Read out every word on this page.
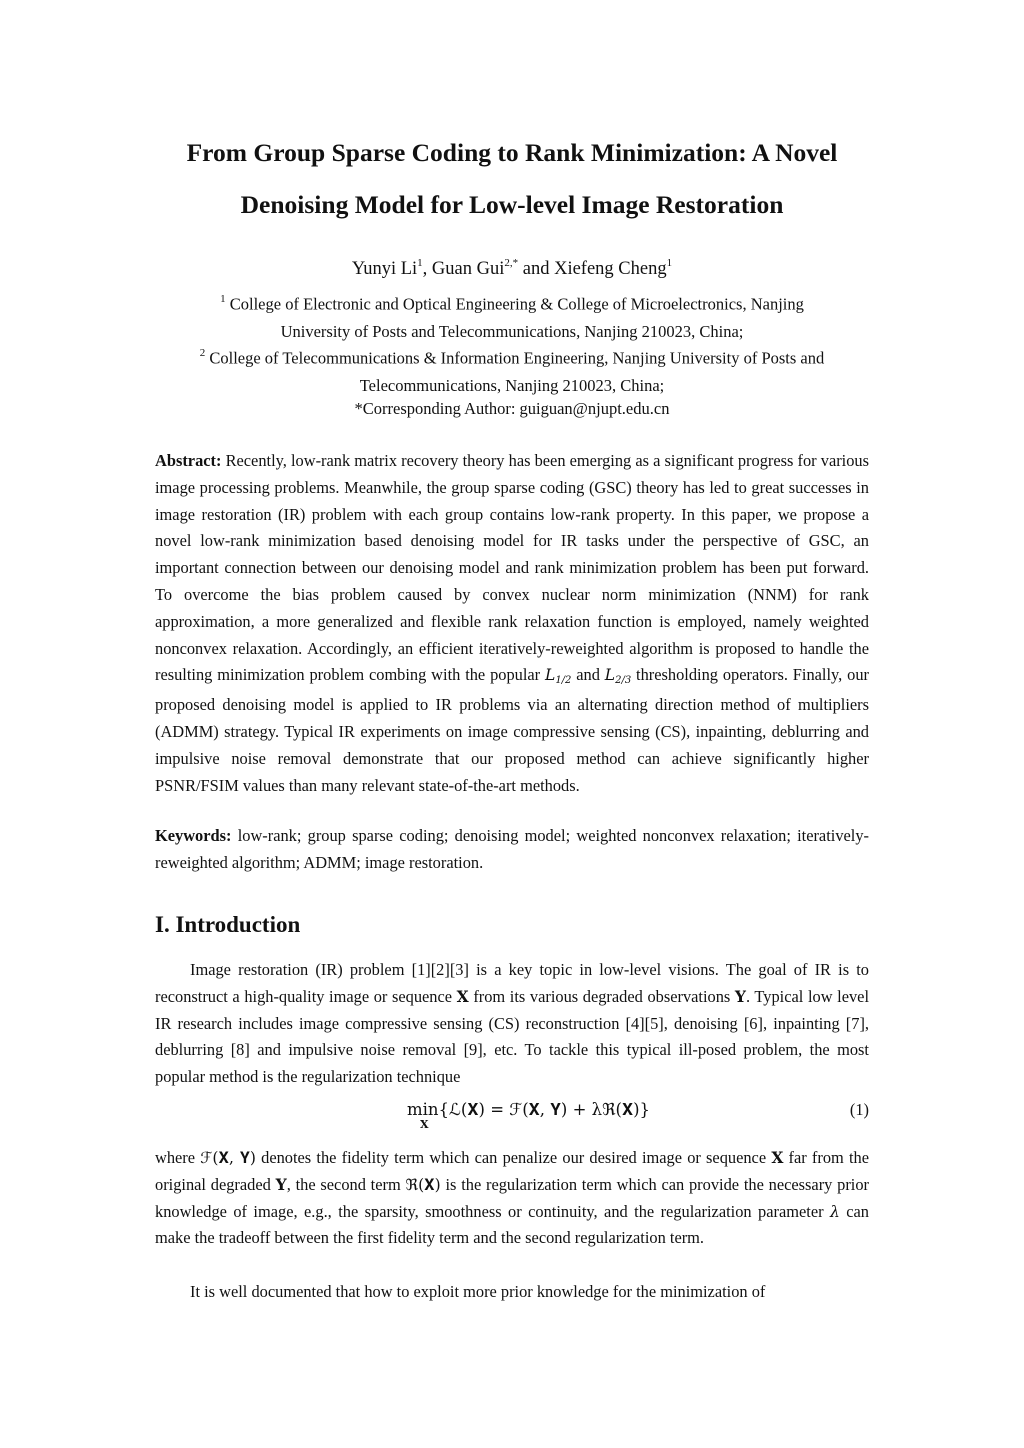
From Group Sparse Coding to Rank Minimization: A Novel
Denoising Model for Low-level Image Restoration
Yunyi Li$^1$, Guan Gui$^{2,*}$ and Xiefeng Cheng$^1$
$^1$ College of Electronic and Optical Engineering & College of Microelectronics, Nanjing
University of Posts and Telecommunications, Nanjing 210023, China;
$^2$ College of Telecommunications & Information Engineering, Nanjing University of Posts and
Telecommunications, Nanjing 210023, China;
*Corresponding Author: guiguan@njupt.edu.cn

Abstract: Recently, low-rank matrix recovery theory has been emerging as a significant progress for various image processing problems. Meanwhile, the group sparse coding (GSC) theory has led to great successes in image restoration (IR) problem with each group contains low-rank property. In this paper, we propose a novel low-rank minimization based denoising model for IR tasks under the perspective of GSC, an important connection between our denoising model and rank minimization problem has been put forward. To overcome the bias problem caused by convex nuclear norm minimization (NNM) for rank approximation, a more generalized and flexible rank relaxation function is employed, namely weighted nonconvex relaxation. Accordingly, an efficient iteratively-reweighted algorithm is proposed to handle the resulting minimization problem combing with the popular L1/2 and L2/3 thresholding operators. Finally, our proposed denoising model is applied to IR problems via an alternating direction method of multipliers (ADMM) strategy. Typical IR experiments on image compressive sensing (CS), inpainting, deblurring and impulsive noise removal demonstrate that our proposed method can achieve significantly higher PSNR/FSIM values than many relevant state-of-the-art methods.

Keywords: low-rank; group sparse coding; denoising model; weighted nonconvex relaxation; iteratively-reweighted algorithm; ADMM; image restoration.

I. Introduction

Image restoration (IR) problem [1][2][3] is a key topic in low-level visions. The goal of IR is to reconstruct a high-quality image or sequence X from its various degraded observations Y. Typical low level IR research includes image compressive sensing (CS) reconstruction [4][5], denoising [6], inpainting [7], deblurring [8] and impulsive noise removal [9], etc. To tackle this typical ill-posed problem, the most popular method is the regularization technique

min{ℒ(𝐗) = ℱ(𝐗, 𝐘) + λℜ(𝐗)}
X
(1)

where ℱ(𝐗, 𝐘) denotes the fidelity term which can penalize our desired image or sequence X far from the original degraded Y, the second term ℜ(𝐗) is the regularization term which can provide the necessary prior knowledge of image, e.g., the sparsity, smoothness or continuity, and the regularization parameter λ can make the tradeoff between the first fidelity term and the second regularization term.

It is well documented that how to exploit more prior knowledge for the minimization of
